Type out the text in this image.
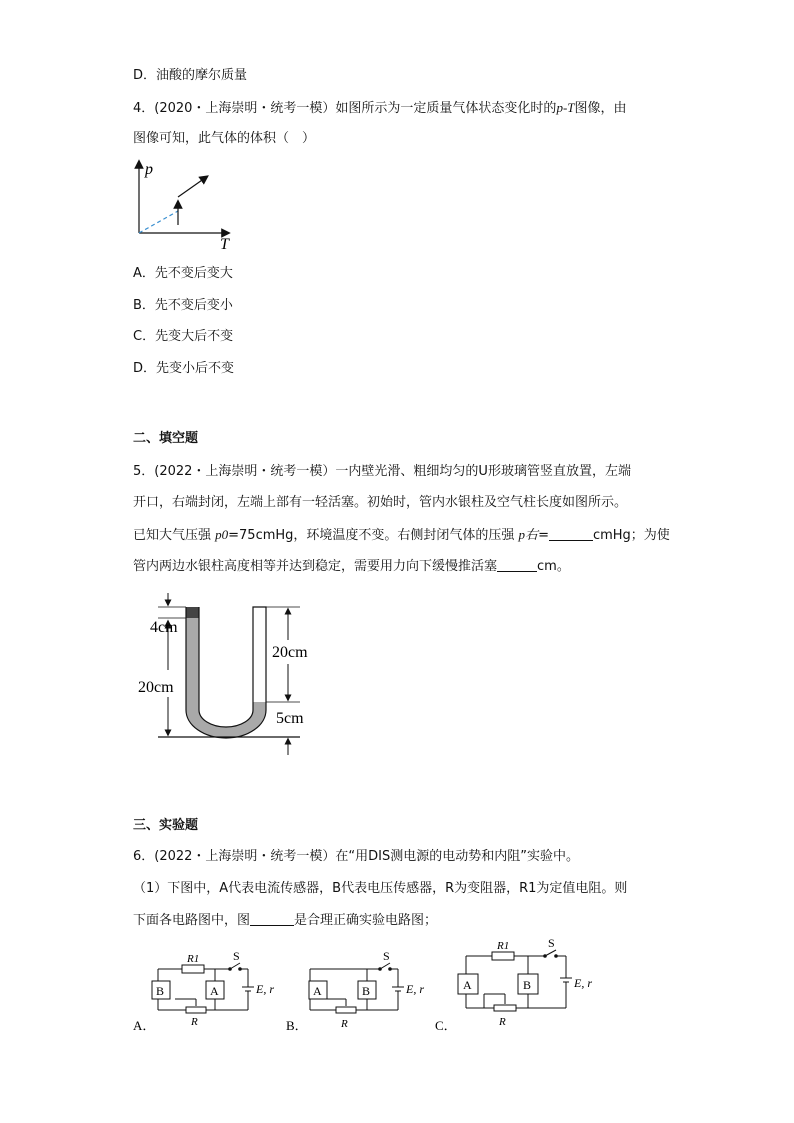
D．油酸的摩尔质量
4．(2020・上海崇明・统考一模）如图所示为一定质量气体状态变化时的p-T图像，由
图像可知，此气体的体积（　）
p
T
A．先不变后变大
B．先不变后变小
C．先变大后不变
D．先变小后不变
二、填空题
5．(2022・上海崇明・统考一模）一内壁光滑、粗细均匀的U形玻璃管竖直放置，左端
开口，右端封闭，左端上部有一轻活塞。初始时，管内水银柱及空气柱长度如图所示。
已知大气压强 p0=75cmHg，环境温度不变。右侧封闭气体的压强 p右=	cmHg；为使
管内两边水银柱高度相等并达到稳定，需要用力向下缓慢推活塞	cm。
4cm
20cm
20cm
5cm
三、实验题
6．(2022・上海崇明・统考一模）在“用DIS测电源的电动势和内阻”实验中。
（1）下图中，A代表电流传感器，B代表电压传感器，R为变阻器，R1为定值电阻。则
下面各电路图中，图	是合理正确实验电路图；
R1	S
E, r
B	A
R
A．
S
E, r
A	B
R
B．
R1	S
E, r
A	B
R
C．
